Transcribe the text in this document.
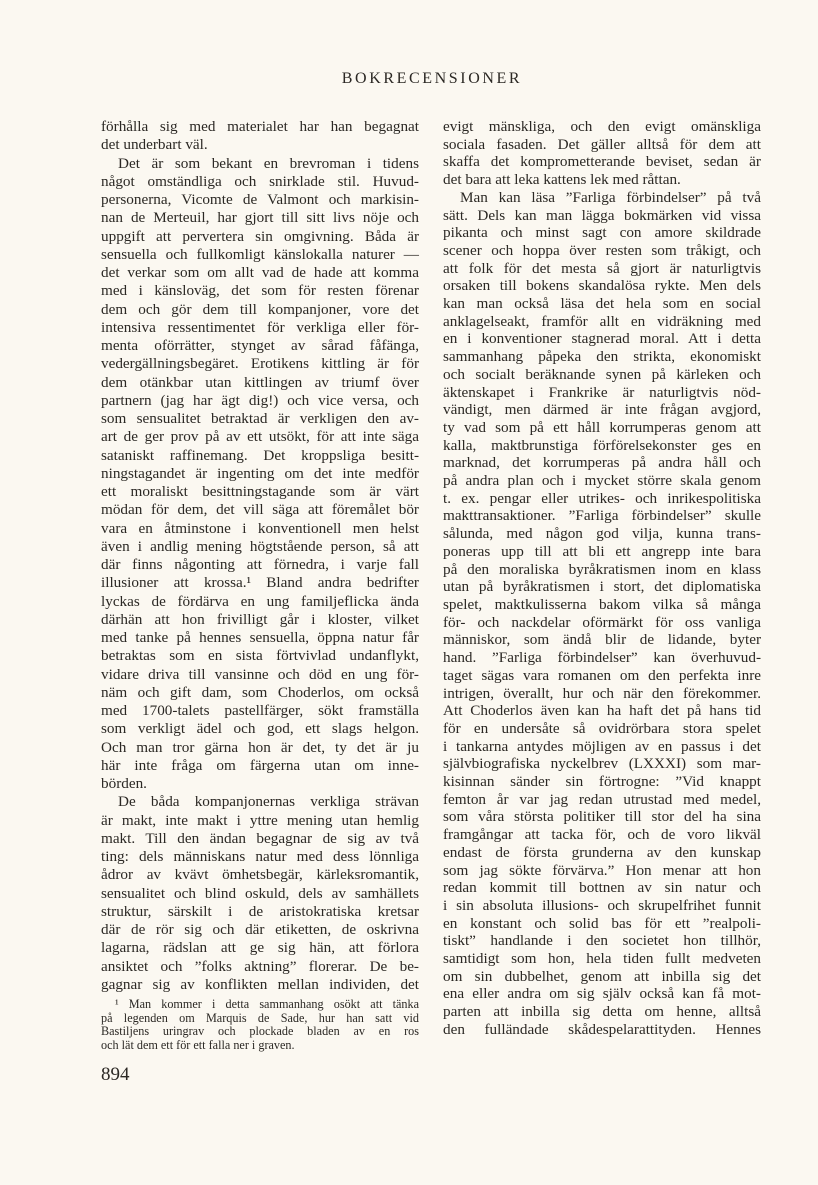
BOKRECENSIONER
förhålla sig med materialet har han begagnat
det underbart väl.
Det är som bekant en brevroman i tidens
något omständliga och snirklade stil. Huvud-
personerna, Vicomte de Valmont och markisin-
nan de Merteuil, har gjort till sitt livs nöje och
uppgift att pervertera sin omgivning. Båda är
sensuella och fullkomligt känslokalla naturer —
det verkar som om allt vad de hade att komma
med i känsloväg, det som för resten förenar
dem och gör dem till kompanjoner, vore det
intensiva ressentimentet för verkliga eller för-
menta oförrätter, stynget av sårad fåfänga,
vedergällningsbegäret. Erotikens kittling är för
dem otänkbar utan kittlingen av triumf över
partnern (jag har ägt dig!) och vice versa, och
som sensualitet betraktad är verkligen den av-
art de ger prov på av ett utsökt, för att inte säga
sataniskt raffinemang. Det kroppsliga besitt-
ningstagandet är ingenting om det inte medför
ett moraliskt besittningstagande som är värt
mödan för dem, det vill säga att föremålet bör
vara en åtminstone i konventionell men helst
även i andlig mening högtstående person, så att
där finns någonting att förnedra, i varje fall
illusioner att krossa.¹ Bland andra bedrifter
lyckas de fördärva en ung familjeflicka ända
därhän att hon frivilligt går i kloster, vilket
med tanke på hennes sensuella, öppna natur får
betraktas som en sista förtvivlad undanflykt,
vidare driva till vansinne och död en ung för-
näm och gift dam, som Choderlos, om också
med 1700-talets pastellfärger, sökt framställa
som verkligt ädel och god, ett slags helgon.
Och man tror gärna hon är det, ty det är ju
här inte fråga om färgerna utan om inne-
börden.
De båda kompanjonernas verkliga strävan
är makt, inte makt i yttre mening utan hemlig
makt. Till den ändan begagnar de sig av två
ting: dels människans natur med dess lönnliga
ådror av kvävt ömhetsbegär, kärleksromantik,
sensualitet och blind oskuld, dels av samhällets
struktur, särskilt i de aristokratiska kretsar
där de rör sig och där etiketten, de oskrivna
lagarna, rädslan att ge sig hän, att förlora
ansiktet och ”folks aktning” florerar. De be-
gagnar sig av konflikten mellan individen, det
evigt mänskliga, och den evigt omänskliga
sociala fasaden. Det gäller alltså för dem att
skaffa det komprometterande beviset, sedan är
det bara att leka kattens lek med råttan.
Man kan läsa ”Farliga förbindelser” på två
sätt. Dels kan man lägga bokmärken vid vissa
pikanta och minst sagt con amore skildrade
scener och hoppa över resten som tråkigt, och
att folk för det mesta så gjort är naturligtvis
orsaken till bokens skandalösa rykte. Men dels
kan man också läsa det hela som en social
anklagelseakt, framför allt en vidräkning med
en i konventioner stagnerad moral. Att i detta
sammanhang påpeka den strikta, ekonomiskt
och socialt beräknande synen på kärleken och
äktenskapet i Frankrike är naturligtvis nöd-
vändigt, men därmed är inte frågan avgjord,
ty vad som på ett håll korrumperas genom att
kalla, maktbrunstiga förförelsekonster ges en
marknad, det korrumperas på andra håll och
på andra plan och i mycket större skala genom
t. ex. pengar eller utrikes- och inrikespolitiska
makttransaktioner. ”Farliga förbindelser” skulle
sålunda, med någon god vilja, kunna trans-
poneras upp till att bli ett angrepp inte bara
på den moraliska byråkratismen inom en klass
utan på byråkratismen i stort, det diplomatiska
spelet, maktkulisserna bakom vilka så många
för- och nackdelar oförmärkt för oss vanliga
människor, som ändå blir de lidande, byter
hand. ”Farliga förbindelser” kan överhuvud-
taget sägas vara romanen om den perfekta inre
intrigen, överallt, hur och när den förekommer.
Att Choderlos även kan ha haft det på hans tid
för en undersåte så ovidrörbara stora spelet
i tankarna antydes möjligen av en passus i det
självbiografiska nyckelbrev (LXXXI) som mar-
kisinnan sänder sin förtrogne: ”Vid knappt
femton år var jag redan utrustad med medel,
som våra största politiker till stor del ha sina
framgångar att tacka för, och de voro likväl
endast de första grunderna av den kunskap
som jag sökte förvärva.” Hon menar att hon
redan kommit till bottnen av sin natur och
i sin absoluta illusions- och skrupelfrihet funnit
en konstant och solid bas för ett ”realpoli-
tiskt” handlande i den societet hon tillhör,
samtidigt som hon, hela tiden fullt medveten
om sin dubbelhet, genom att inbilla sig det
ena eller andra om sig själv också kan få mot-
parten att inbilla sig detta om henne, alltså
den fulländade skådespelarattityden. Hennes
¹ Man kommer i detta sammanhang osökt att tänka
på legenden om Marquis de Sade, hur han satt vid
Bastiljens uringrav och plockade bladen av en ros
och lät dem ett för ett falla ner i graven.
894
